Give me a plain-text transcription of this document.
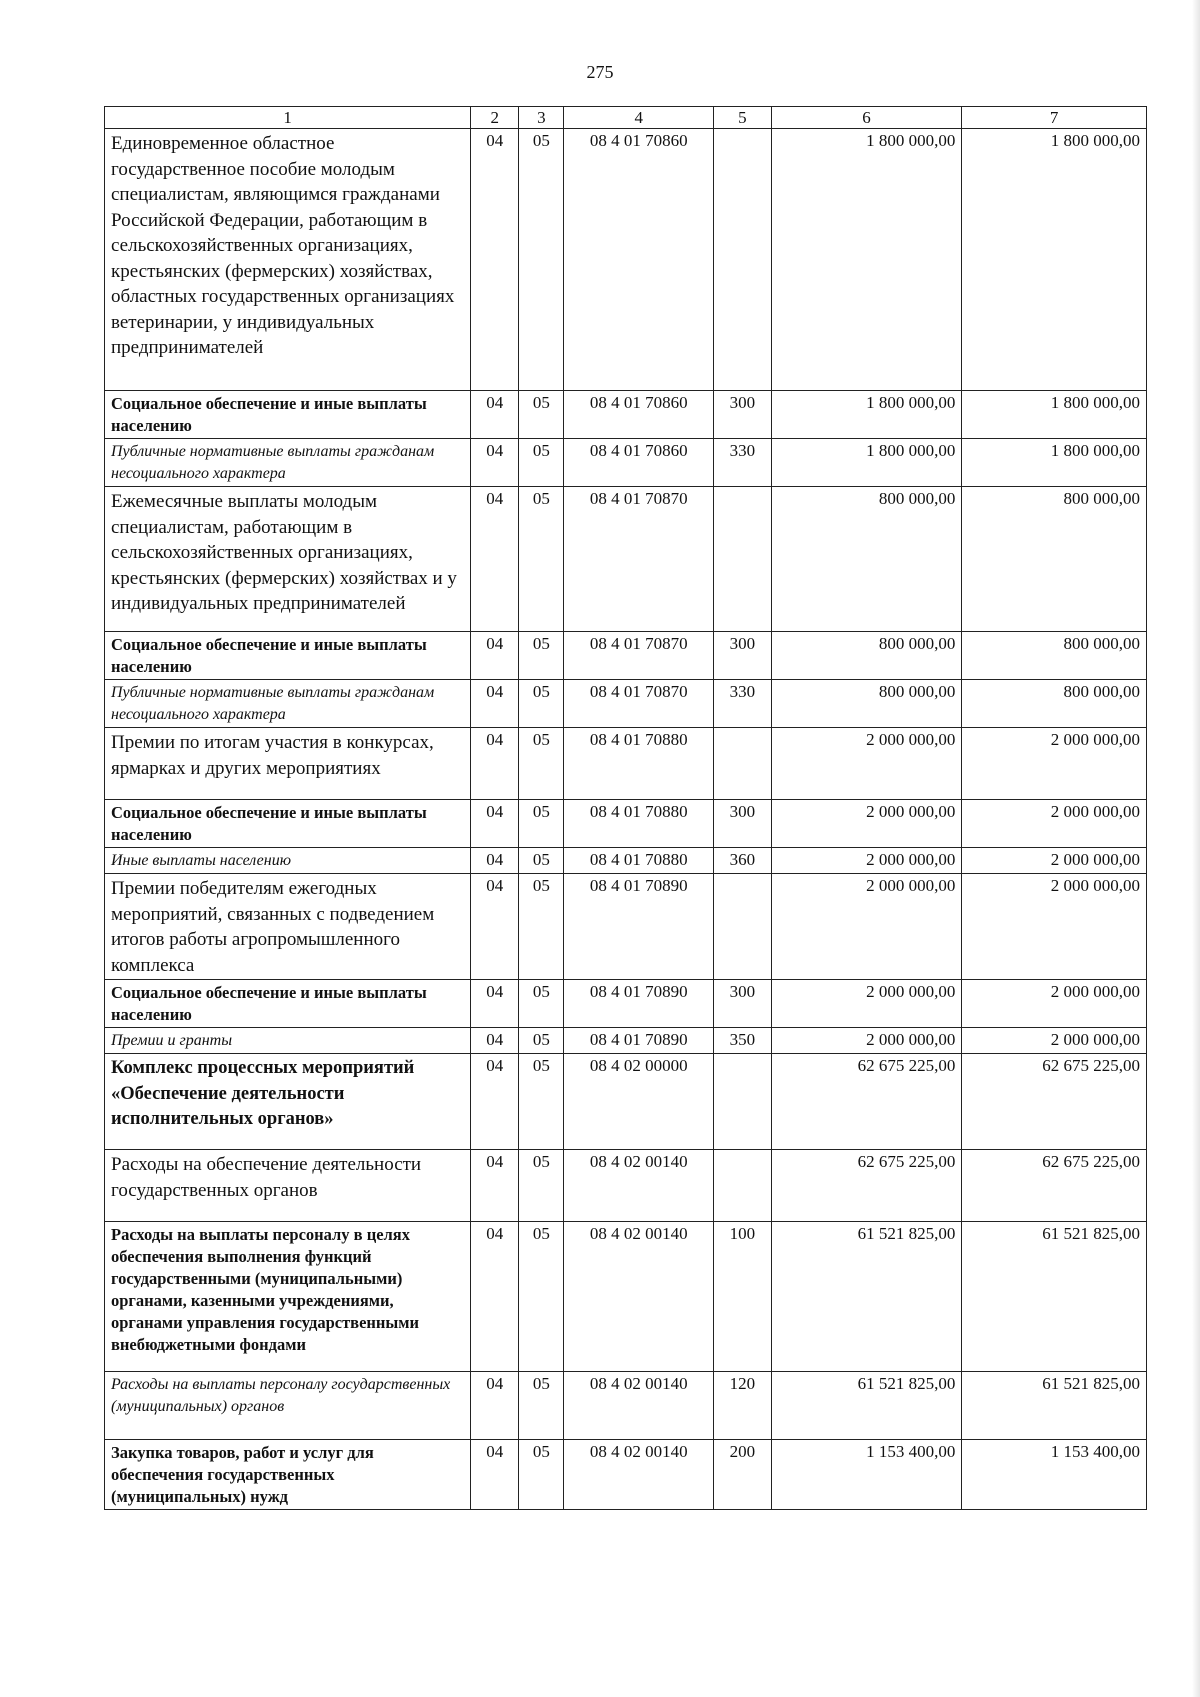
275
1	2	3	4	5	6	7
Единовременное областное государственное пособие молодым специалистам, являющимся гражданами Российской Федерации, работающим в сельскохозяйственных организациях, крестьянских (фермерских) хозяйствах, областных государственных организациях ветеринарии, у индивидуальных предпринимателей	04	05	08 4 01 70860		1 800 000,00	1 800 000,00
Социальное обеспечение и иные выплаты населению	04	05	08 4 01 70860	300	1 800 000,00	1 800 000,00
Публичные нормативные выплаты гражданам несоциального характера	04	05	08 4 01 70860	330	1 800 000,00	1 800 000,00
Ежемесячные выплаты молодым специалистам, работающим в сельскохозяйственных организациях, крестьянских (фермерских) хозяйствах и у индивидуальных предпринимателей	04	05	08 4 01 70870		800 000,00	800 000,00
Социальное обеспечение и иные выплаты населению	04	05	08 4 01 70870	300	800 000,00	800 000,00
Публичные нормативные выплаты гражданам несоциального характера	04	05	08 4 01 70870	330	800 000,00	800 000,00
Премии по итогам участия в конкурсах, ярмарках и других мероприятиях	04	05	08 4 01 70880		2 000 000,00	2 000 000,00
Социальное обеспечение и иные выплаты населению	04	05	08 4 01 70880	300	2 000 000,00	2 000 000,00
Иные выплаты населению	04	05	08 4 01 70880	360	2 000 000,00	2 000 000,00
Премии победителям ежегодных мероприятий, связанных с подведением итогов работы агропромышленного комплекса	04	05	08 4 01 70890		2 000 000,00	2 000 000,00
Социальное обеспечение и иные выплаты населению	04	05	08 4 01 70890	300	2 000 000,00	2 000 000,00
Премии и гранты	04	05	08 4 01 70890	350	2 000 000,00	2 000 000,00
Комплекс процессных мероприятий «Обеспечение деятельности исполнительных органов»	04	05	08 4 02 00000		62 675 225,00	62 675 225,00
Расходы на обеспечение деятельности государственных органов	04	05	08 4 02 00140		62 675 225,00	62 675 225,00
Расходы на выплаты персоналу в целях обеспечения выполнения функций государственными (муниципальными) органами, казенными учреждениями, органами управления государственными внебюджетными фондами	04	05	08 4 02 00140	100	61 521 825,00	61 521 825,00
Расходы на выплаты персоналу государственных (муниципальных) органов	04	05	08 4 02 00140	120	61 521 825,00	61 521 825,00
Закупка товаров, работ и услуг для обеспечения государственных (муниципальных) нужд	04	05	08 4 02 00140	200	1 153 400,00	1 153 400,00
